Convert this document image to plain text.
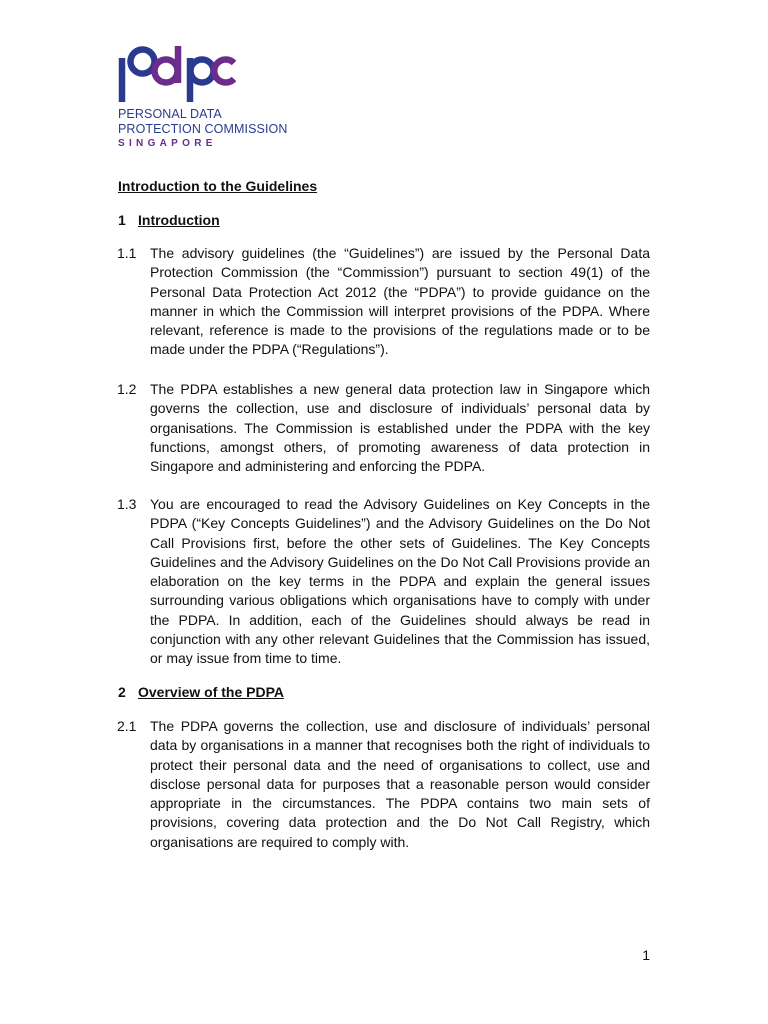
PERSONAL DATA
PROTECTION COMMISSION
SINGAPORE
Introduction to the Guidelines
1 Introduction
1.1 The advisory guidelines (the “Guidelines”) are issued by the Personal Data Protection Commission (the “Commission”) pursuant to section 49(1) of the Personal Data Protection Act 2012 (the “PDPA”) to provide guidance on the manner in which the Commission will interpret provisions of the PDPA. Where relevant, reference is made to the provisions of the regulations made or to be made under the PDPA (“Regulations”).
1.2 The PDPA establishes a new general data protection law in Singapore which governs the collection, use and disclosure of individuals’ personal data by organisations. The Commission is established under the PDPA with the key functions, amongst others, of promoting awareness of data protection in Singapore and administering and enforcing the PDPA.
1.3 You are encouraged to read the Advisory Guidelines on Key Concepts in the PDPA (“Key Concepts Guidelines”) and the Advisory Guidelines on the Do Not Call Provisions first, before the other sets of Guidelines. The Key Concepts Guidelines and the Advisory Guidelines on the Do Not Call Provisions provide an elaboration on the key terms in the PDPA and explain the general issues surrounding various obligations which organisations have to comply with under the PDPA. In addition, each of the Guidelines should always be read in conjunction with any other relevant Guidelines that the Commission has issued, or may issue from time to time.
2 Overview of the PDPA
2.1 The PDPA governs the collection, use and disclosure of individuals’ personal data by organisations in a manner that recognises both the right of individuals to protect their personal data and the need of organisations to collect, use and disclose personal data for purposes that a reasonable person would consider appropriate in the circumstances. The PDPA contains two main sets of provisions, covering data protection and the Do Not Call Registry, which organisations are required to comply with.
1
